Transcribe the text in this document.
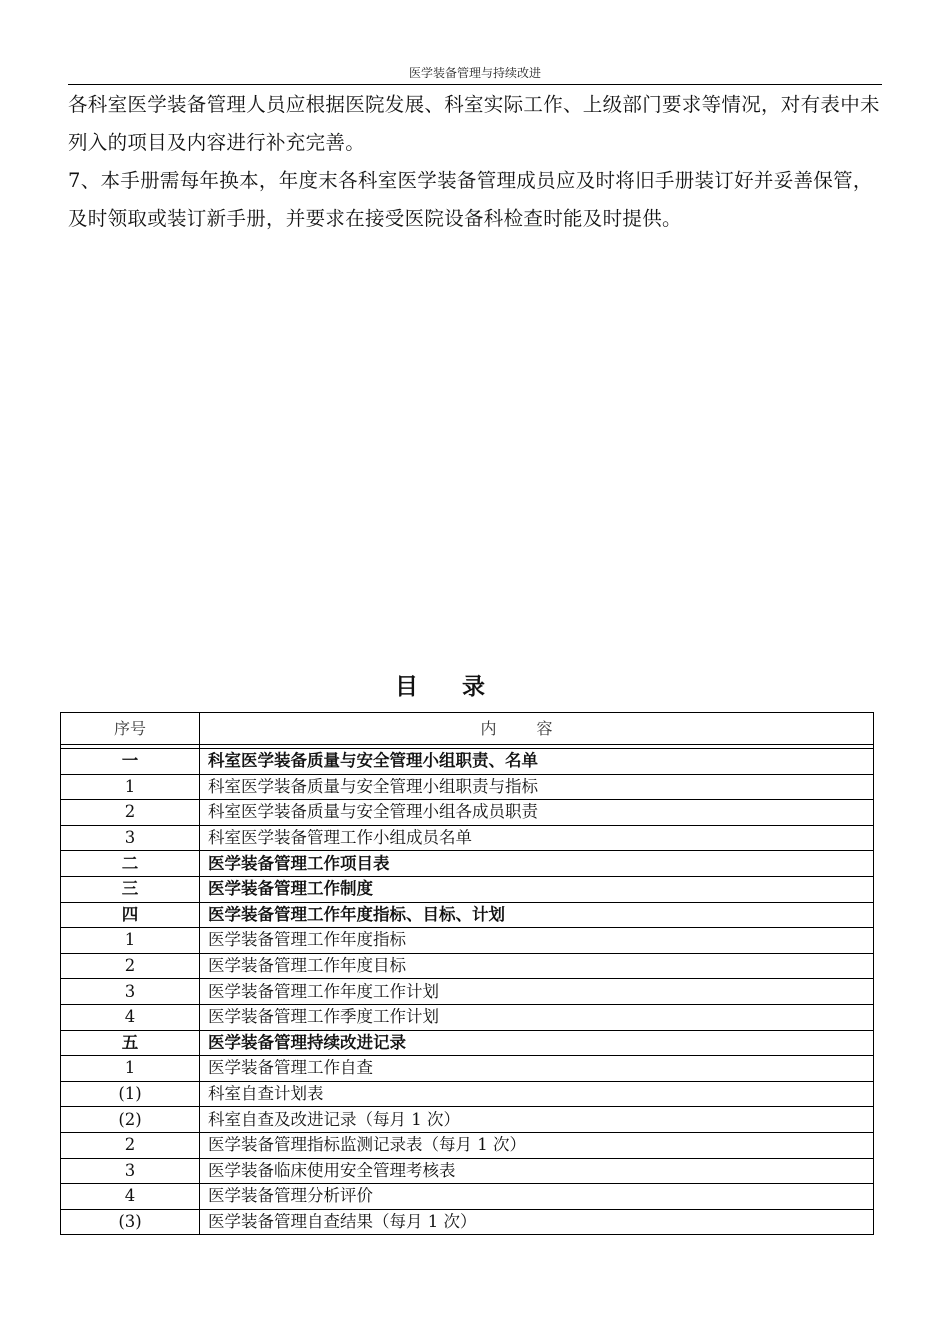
医学装备管理与持续改进

各科室医学装备管理人员应根据医院发展、科室实际工作、上级部门要求等情况，对有表中未列入的项目及内容进行补充完善。

7、本手册需每年换本，年度末各科室医学装备管理成员应及时将旧手册装订好并妥善保管，及时领取或装订新手册，并要求在接受医院设备科检查时能及时提供。

目录
序号	内容

一	科室医学装备质量与安全管理小组职责、名单
1	科室医学装备质量与安全管理小组职责与指标
2	科室医学装备质量与安全管理小组各成员职责
3	科室医学装备管理工作小组成员名单
二	医学装备管理工作项目表
三	医学装备管理工作制度
四	医学装备管理工作年度指标、目标、计划
1	医学装备管理工作年度指标
2	医学装备管理工作年度目标
3	医学装备管理工作年度工作计划
4	医学装备管理工作季度工作计划
五	医学装备管理持续改进记录
1	医学装备管理工作自查
(1)	科室自查计划表
(2)	科室自查及改进记录（每月 1 次）
2	医学装备管理指标监测记录表（每月 1 次）
3	医学装备临床使用安全管理考核表
4	医学装备管理分析评价
(3)	医学装备管理自查结果（每月 1 次）
